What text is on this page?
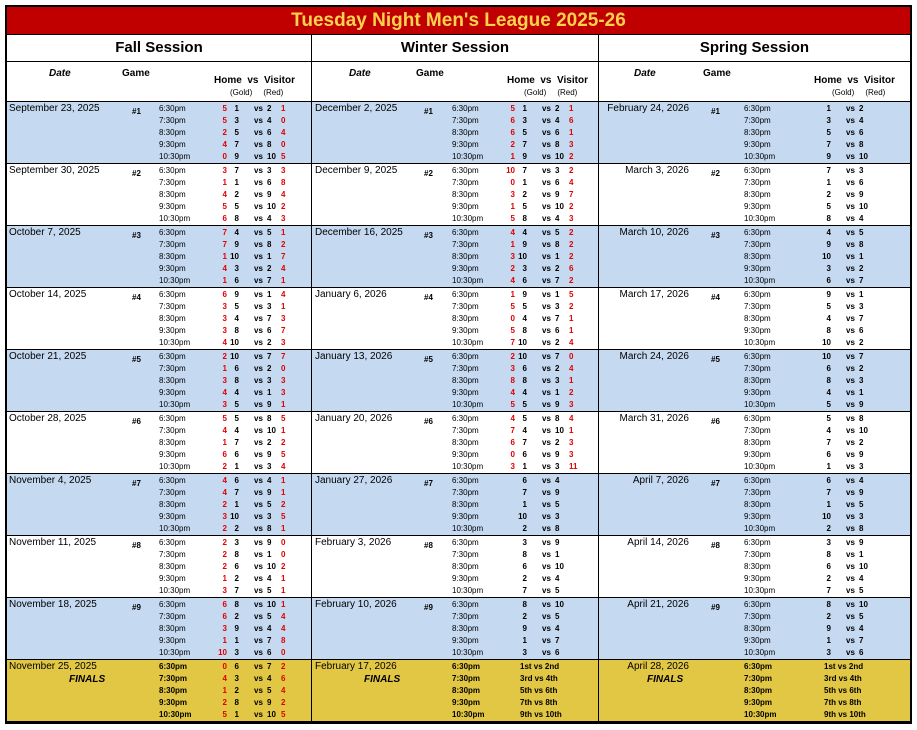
Tuesday Night Men's League 2025-26
Fall Session	Winter Session	Spring Session
Date	Game
Home  vs  Visitor
(Gold)     (Red)
Date	Game
Home  vs  Visitor
(Gold)     (Red)
Date	Game
Home  vs  Visitor
(Gold)     (Red)
September 23, 2025	#1 6:30pm	5 1 vs 2 1
7:30pm	5 3 vs 4 0
8:30pm	2 5 vs 6 4
9:30pm	4 7 vs 8 0
10:30pm	0 9 vs 10 5
December 2, 2025	#1 6:30pm	5 1 vs 2 1
7:30pm	6 3 vs 4 6
8:30pm	6 5 vs 6 1
9:30pm	2 7 vs 8 3
10:30pm	1 9 vs 10 2
February 24, 2026	#1	6:30pm	1 vs 2
7:30pm	3 vs 4
8:30pm	5 vs 6
9:30pm	7 vs 8
10:30pm	9 vs 10
September 30, 2025	#2 6:30pm	3 7 vs 3 3
7:30pm	1 1 vs 6 8
8:30pm	4 2 vs 9 4
9:30pm	5 5 vs 10 2
10:30pm	6 8 vs 4 3
December 9, 2025	#2 6:30pm	10 7 vs 3 2
7:30pm	0 1 vs 6 4
8:30pm	3 2 vs 9 7
9:30pm	1 5 vs 10 2
10:30pm	5 8 vs 4 3
March 3, 2026	#2	6:30pm	7 vs 3
7:30pm	1 vs 6
8:30pm	2 vs 9
9:30pm	5 vs 10
10:30pm	8 vs 4
October 7, 2025	#3 6:30pm	7 4 vs 5 1
7:30pm	7 9 vs 8 2
8:30pm	1 10 vs 1 7
9:30pm	4 3 vs 2 4
10:30pm	1 6 vs 7 1
December 16, 2025	#3 6:30pm	4 4 vs 5 2
7:30pm	1 9 vs 8 2
8:30pm	3 10 vs 1 2
9:30pm	2 3 vs 2 6
10:30pm	4 6 vs 7 2
March 10, 2026	#3	6:30pm	4 vs 5
7:30pm	9 vs 8
8:30pm	10 vs 1
9:30pm	3 vs 2
10:30pm	6 vs 7
October 14, 2025	#4 6:30pm	6 9 vs 1 4
7:30pm	3 5 vs 3 1
8:30pm	3 4 vs 7 3
9:30pm	3 8 vs 6 7
10:30pm	4 10 vs 2 3
January 6, 2026	#4 6:30pm	1 9 vs 1 5
7:30pm	5 5 vs 3 2
8:30pm	0 4 vs 7 1
9:30pm	5 8 vs 6 1
10:30pm	7 10 vs 2 4
March 17, 2026	#4	6:30pm	9 vs 1
7:30pm	5 vs 3
8:30pm	4 vs 7
9:30pm	8 vs 6
10:30pm	10 vs 2
October 21, 2025	#5 6:30pm	2 10 vs 7 7
7:30pm	1 6 vs 2 0
8:30pm	3 8 vs 3 3
9:30pm	4 4 vs 1 3
10:30pm	3 5 vs 9 1
January 13, 2026	#5 6:30pm	2 10 vs 7 0
7:30pm	3 6 vs 2 4
8:30pm	8 8 vs 3 1
9:30pm	4 4 vs 1 2
10:30pm	5 5 vs 9 3
March 24, 2026	#5	6:30pm	10 vs 7
7:30pm	6 vs 2
8:30pm	8 vs 3
9:30pm	4 vs 1
10:30pm	5 vs 9
October 28, 2025	#6 6:30pm	5 5 vs 8 5
7:30pm	4 4 vs 10 1
8:30pm	1 7 vs 2 2
9:30pm	6 6 vs 9 5
10:30pm	2 1 vs 3 4
January 20, 2026	#6 6:30pm	4 5 vs 8 4
7:30pm	7 4 vs 10 1
8:30pm	6 7 vs 2 3
9:30pm	0 6 vs 9 3
10:30pm	3 1 vs 3 11
March 31, 2026	#6	6:30pm	5 vs 8
7:30pm	4 vs 10
8:30pm	7 vs 2
9:30pm	6 vs 9
10:30pm	1 vs 3
November 4, 2025	#7 6:30pm	4 6 vs 4 1
7:30pm	4 7 vs 9 1
8:30pm	2 1 vs 5 2
9:30pm	3 10 vs 3 5
10:30pm	2 2 vs 8 1
January 27, 2026	#7 6:30pm	6 vs 4
7:30pm	7 vs 9
8:30pm	1 vs 5
9:30pm	10 vs 3
10:30pm	2 vs 8
April 7, 2026	#7	6:30pm	6 vs 4
7:30pm	7 vs 9
8:30pm	1 vs 5
9:30pm	10 vs 3
10:30pm	2 vs 8
November 11, 2025	#8 6:30pm	2 3 vs 9 0
7:30pm	2 8 vs 1 0
8:30pm	2 6 vs 10 2
9:30pm	1 2 vs 4 1
10:30pm	3 7 vs 5 1
February 3, 2026	#8 6:30pm	3 vs 9
7:30pm	8 vs 1
8:30pm	6 vs 10
9:30pm	2 vs 4
10:30pm	7 vs 5
April 14, 2026	#8	6:30pm	3 vs 9
7:30pm	8 vs 1
8:30pm	6 vs 10
9:30pm	2 vs 4
10:30pm	7 vs 5
November 18, 2025	#9 6:30pm	6 8 vs 10 1
7:30pm	6 2 vs 5 4
8:30pm	3 9 vs 4 4
9:30pm	1 1 vs 7 8
10:30pm	10 3 vs 6 0
February 10, 2026	#9 6:30pm	8 vs 10
7:30pm	2 vs 5
8:30pm	9 vs 4
9:30pm	1 vs 7
10:30pm	3 vs 6
April 21, 2026	#9	6:30pm	8 vs 10
7:30pm	2 vs 5
8:30pm	9 vs 4
9:30pm	1 vs 7
10:30pm	3 vs 6
November 25, 2025
FINALS
6:30pm	0 6 vs 7 2
7:30pm	4 3 vs 4 6
8:30pm	1 2 vs 5 4
9:30pm	2 8 vs 9 2
10:30pm	5 1 vs 10 5
February 17, 2026
FINALS
6:30pm	1st vs 2nd
7:30pm	3rd vs 4th
8:30pm	5th vs 6th
9:30pm	7th vs 8th
10:30pm	9th vs 10th
April 28, 2026
FINALS
6:30pm	1st vs 2nd
7:30pm	3rd vs 4th
8:30pm	5th vs 6th
9:30pm	7th vs 8th
10:30pm	9th vs 10th
